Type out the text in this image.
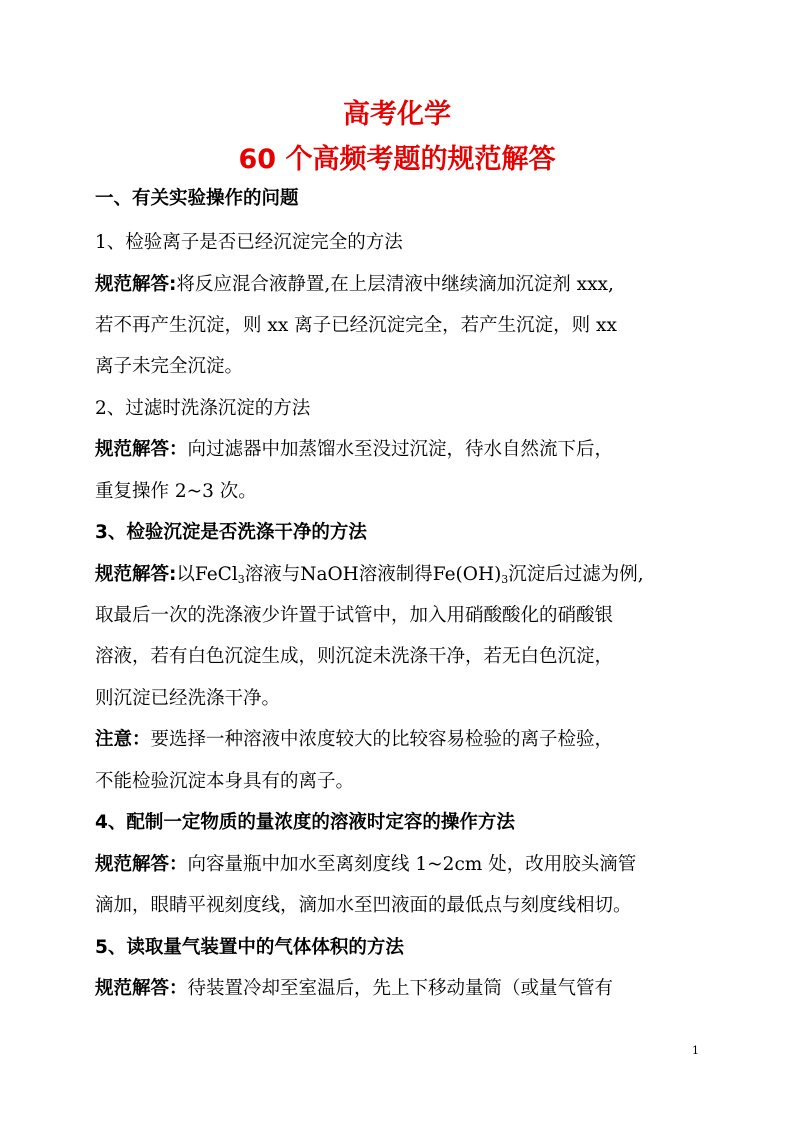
高考化学
60 个高频考题的规范解答

一、有关实验操作的问题

1、检验离子是否已经沉淀完全的方法

规范解答:将反应混合液静置,在上层清液中继续滴加沉淀剂 xxx,

若不再产生沉淀，则 xx 离子已经沉淀完全，若产生沉淀，则 xx

离子未完全沉淀。

2、过滤时洗涤沉淀的方法

规范解答：向过滤器中加蒸馏水至没过沉淀，待水自然流下后，

重复操作 2~3 次。

3、检验沉淀是否洗涤干净的方法

规范解答:以FeCl$_3$溶液与NaOH溶液制得$Fe(OH)_3$沉淀后过滤为例,

取最后一次的洗涤液少许置于试管中，加入用硝酸酸化的硝酸银

溶液，若有白色沉淀生成，则沉淀未洗涤干净，若无白色沉淀，

则沉淀已经洗涤干净。

注意：要选择一种溶液中浓度较大的比较容易检验的离子检验，

不能检验沉淀本身具有的离子。

4、配制一定物质的量浓度的溶液时定容的操作方法

规范解答：向容量瓶中加水至离刻度线 1~2cm 处，改用胶头滴管

滴加，眼睛平视刻度线，滴加水至凹液面的最低点与刻度线相切。

5、读取量气装置中的气体体积的方法

规范解答：待装置冷却至室温后，先上下移动量筒（或量气管有

1
